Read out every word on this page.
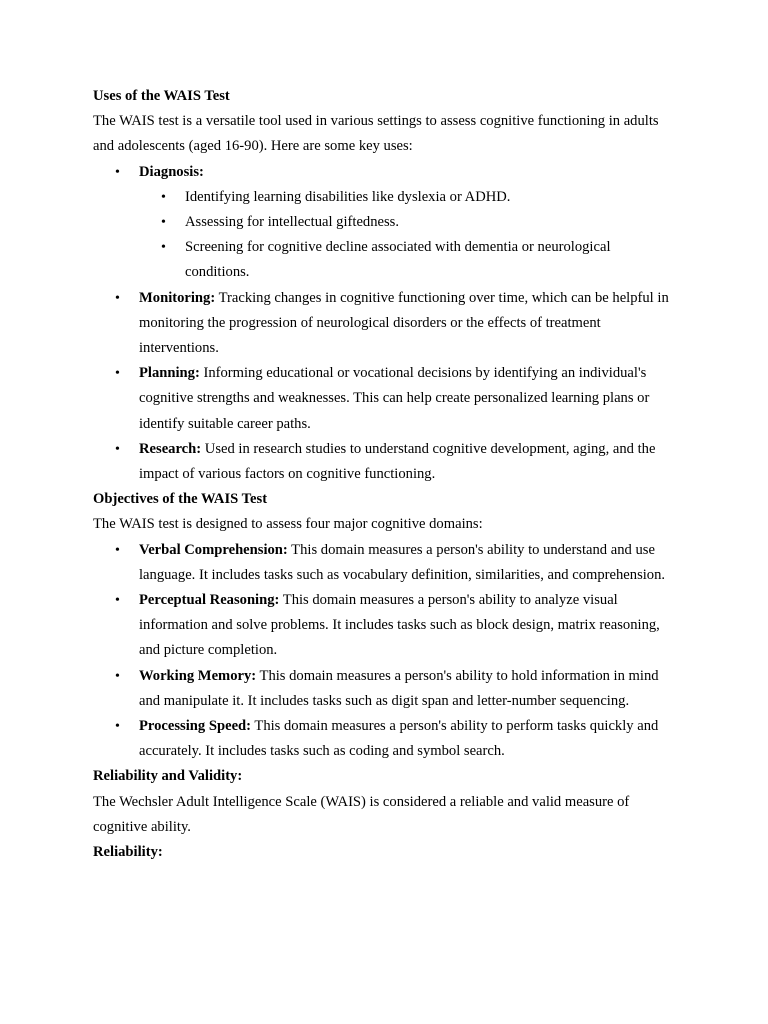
Uses of the WAIS Test

The WAIS test is a versatile tool used in various settings to assess cognitive functioning in adults and adolescents (aged 16-90). Here are some key uses:

• Diagnosis:
• Identifying learning disabilities like dyslexia or ADHD.
• Assessing for intellectual giftedness.
• Screening for cognitive decline associated with dementia or neurological conditions.
• Monitoring: Tracking changes in cognitive functioning over time, which can be helpful in monitoring the progression of neurological disorders or the effects of treatment interventions.
• Planning: Informing educational or vocational decisions by identifying an individual's cognitive strengths and weaknesses. This can help create personalized learning plans or identify suitable career paths.
• Research: Used in research studies to understand cognitive development, aging, and the impact of various factors on cognitive functioning.

Objectives of the WAIS Test

The WAIS test is designed to assess four major cognitive domains:

• Verbal Comprehension: This domain measures a person's ability to understand and use language. It includes tasks such as vocabulary definition, similarities, and comprehension.
• Perceptual Reasoning: This domain measures a person's ability to analyze visual information and solve problems. It includes tasks such as block design, matrix reasoning, and picture completion.
• Working Memory: This domain measures a person's ability to hold information in mind and manipulate it. It includes tasks such as digit span and letter-number sequencing.
• Processing Speed: This domain measures a person's ability to perform tasks quickly and accurately. It includes tasks such as coding and symbol search.

Reliability and Validity:

The Wechsler Adult Intelligence Scale (WAIS) is considered a reliable and valid measure of cognitive ability.

Reliability:
